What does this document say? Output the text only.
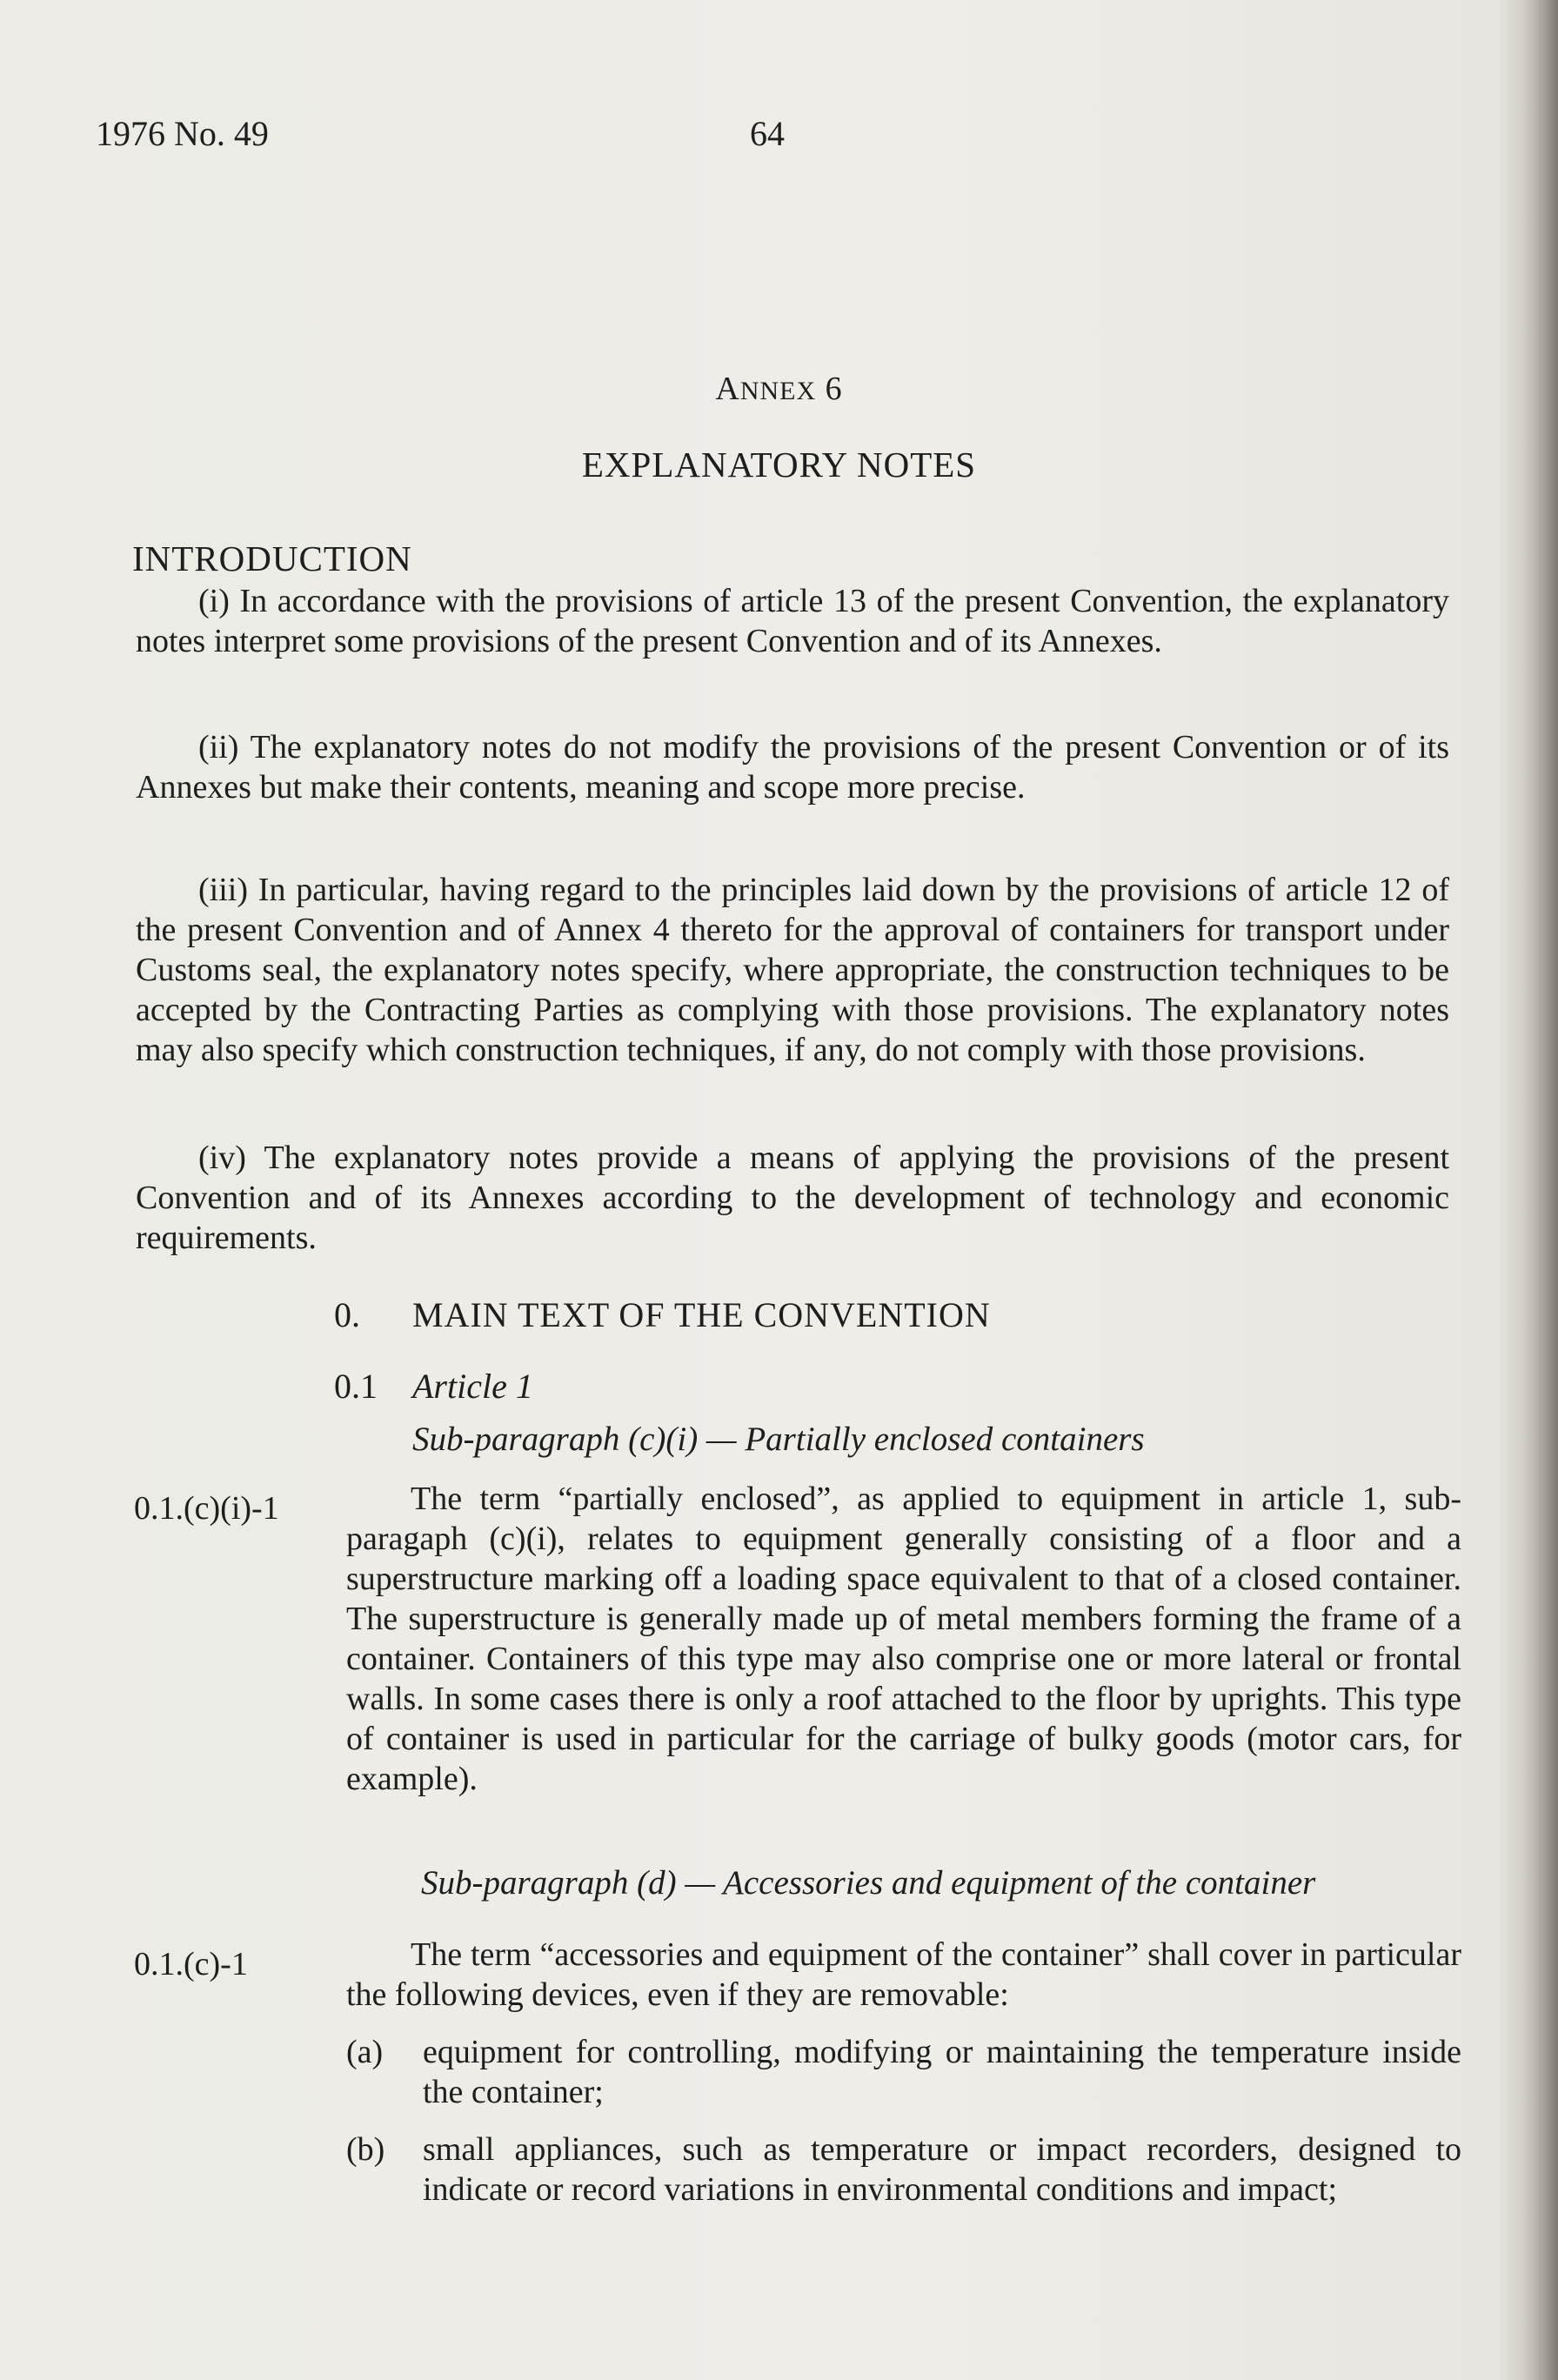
1976 No. 49	64
ANNEX 6
EXPLANATORY NOTES
INTRODUCTION
(i) In accordance with the provisions of article 13 of the present Convention, the explanatory notes interpret some provisions of the present Convention and of its Annexes.
(ii) The explanatory notes do not modify the provisions of the present Convention or of its Annexes but make their contents, meaning and scope more precise.
(iii) In particular, having regard to the principles laid down by the provisions of article 12 of the present Convention and of Annex 4 thereto for the approval of containers for transport under Customs seal, the explanatory notes specify, where appropriate, the construction techniques to be accepted by the Contracting Parties as complying with those provisions. The explanatory notes may also specify which construction techniques, if any, do not comply with those provisions.
(iv) The explanatory notes provide a means of applying the provisions of the present Convention and of its Annexes according to the development of technology and economic requirements.
0. MAIN TEXT OF THE CONVENTION
0.1 Article 1
Sub-paragraph (c)(i) — Partially enclosed containers
0.1.(c)(i)-1	The term “partially enclosed”, as applied to equipment in article 1, sub-paragaph (c)(i), relates to equipment generally consisting of a floor and a superstructure marking off a loading space equivalent to that of a closed container. The superstructure is generally made up of metal members forming the frame of a container. Containers of this type may also comprise one or more lateral or frontal walls. In some cases there is only a roof attached to the floor by uprights. This type of container is used in particular for the carriage of bulky goods (motor cars, for example).
Sub-paragraph (d) — Accessories and equipment of the container
0.1.(c)-1	The term “accessories and equipment of the container” shall cover in particular the following devices, even if they are removable:
(a) equipment for controlling, modifying or maintaining the temperature inside the container;
(b) small appliances, such as temperature or impact recorders, designed to indicate or record variations in environmental conditions and impact;
